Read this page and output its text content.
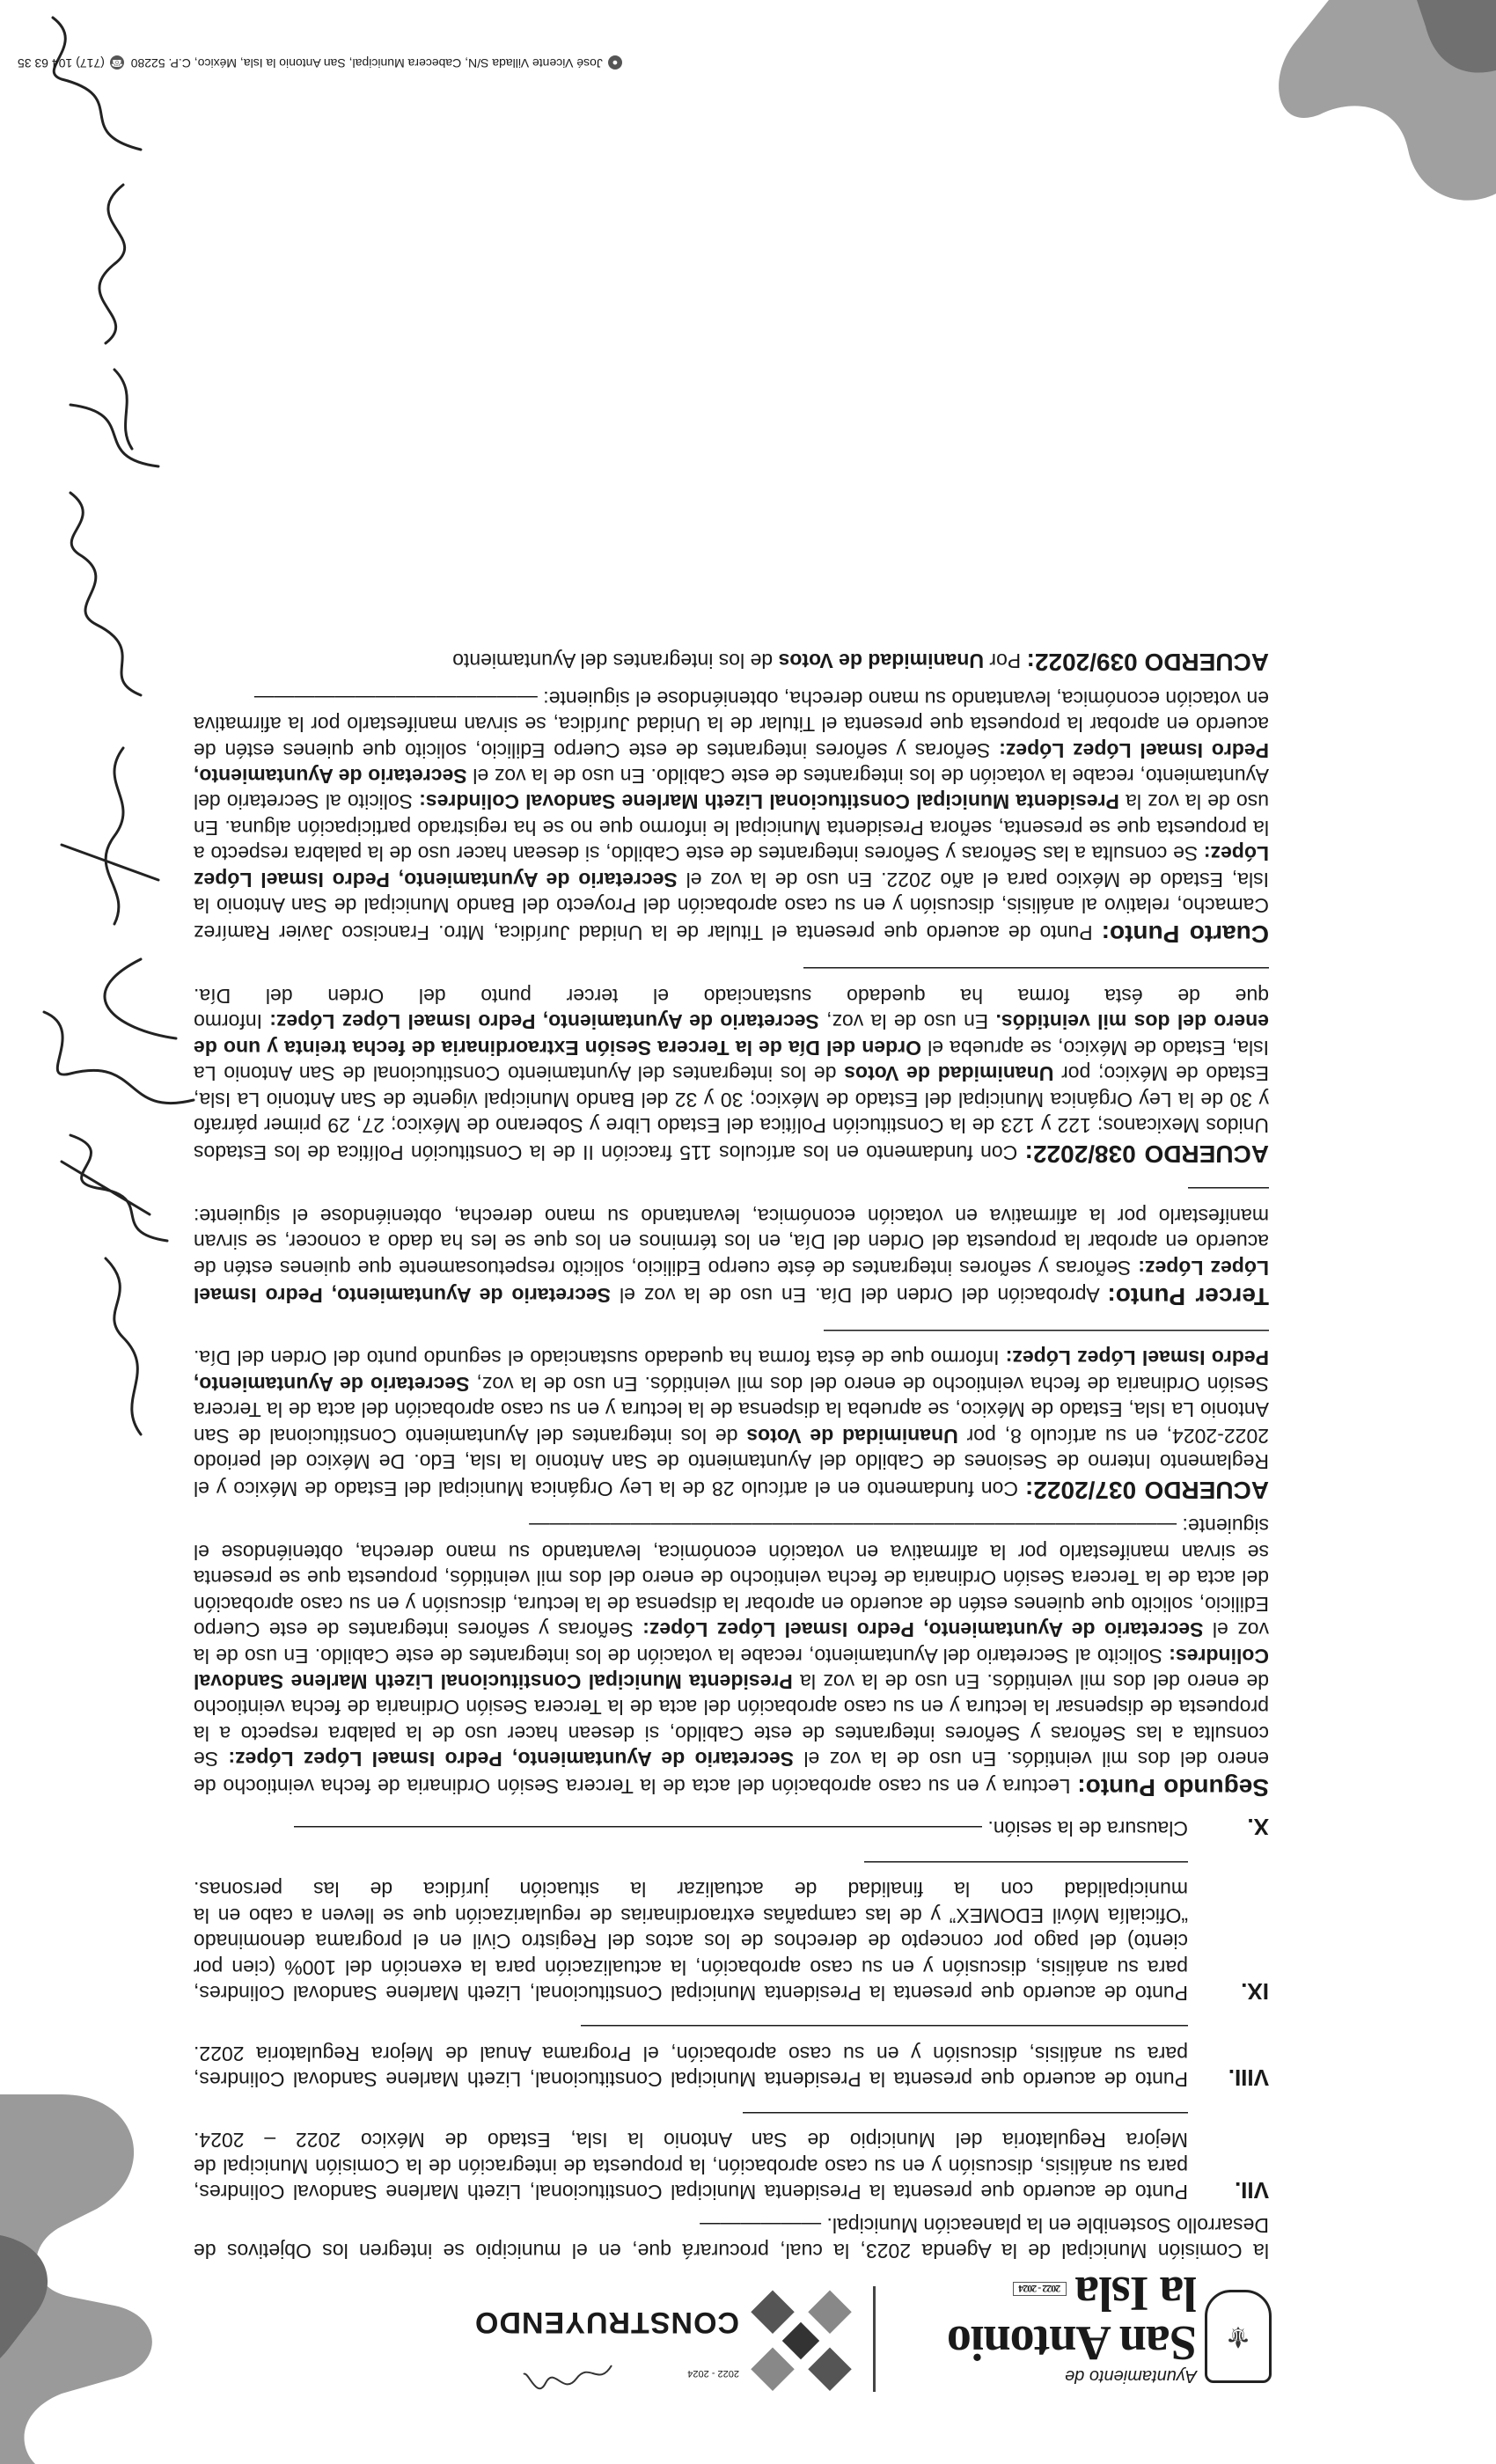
⚜
Ayuntamiento de
San Antonio
la Isla2022 - 2024
CONSTRUYENDO
2022 - 2024

la Comisión Municipal de la Agenda 2023, la cual, procurará que, en el municipio se integren los Objetivos de Desarrollo Sostenible en la planeación Municipal. ——————

VII.
Punto de acuerdo que presenta la Presidenta Municipal Constitucional, Lizeth Marlene Sandoval Colindres, para su análisis, discusión y en su caso aprobación, la propuesta de integración de la Comisión Municipal de Mejora Regulatoria del Municipio de San Antonio la Isla, Estado de México 2022 – 2024. ——————————————————————
VIII.
Punto de acuerdo que presenta la Presidenta Municipal Constitucional, Lizeth Marlene Sandoval Colindres, para su análisis, discusión y en su caso aprobación, el Programa Anual de Mejora Regulatoria 2022. ——————————————————————————————
IX.
Punto de acuerdo que presenta la Presidenta Municipal Constitucional, Lizeth Marlene Sandoval Colindres, para su análisis, discusión y en su caso aprobación, la actualización para la exención del 100% (cien por ciento) del pago por concepto de derechos de los actos del Registro Civil en el programa denominado “Oficialía Móvil EDOMEX” y de las campañas extraordinarias de regularización que se lleven a cabo en la municipalidad con la finalidad de actualizar la situación jurídica de las personas. ————————————————
X.
Clausura de la sesión. ——————————————————————————————————

Segundo Punto: Lectura y en su caso aprobación del acta de la Tercera Sesión Ordinaria de fecha veintiocho de enero del dos mil veintidós. En uso de la voz el Secretario de Ayuntamiento, Pedro Ismael López López: Se consulta a las Señoras y Señores integrantes de este Cabildo, si desean hacer uso de la palabra respecto a la propuesta de dispensar la lectura y en su caso aprobación del acta de la Tercera Sesión Ordinaria de fecha veintiocho de enero del dos mil veintidós. En uso de la voz la Presidenta Municipal Constitucional Lizeth Marlene Sandoval Colindres: Solicito al Secretario del Ayuntamiento, recabe la votación de los integrantes de este Cabildo. En uso de la voz el Secretario de Ayuntamiento, Pedro Ismael López López: Señoras y señores integrantes de este Cuerpo Edilicio, solicito que quienes estén de acuerdo en aprobar la dispensa de la lectura, discusión y en su caso aprobación del acta de la Tercera Sesión Ordinaria de fecha veintiocho de enero del dos mil veintidós, propuesta que se presenta se sirvan manifestarlo por la afirmativa en votación económica, levantando su mano derecha, obteniéndose el siguiente: ————————————————————————————————

ACUERDO 037/2022: Con fundamento en el artículo 28 de la Ley Orgánica Municipal del Estado de México y el Reglamento Interno de Sesiones de Cabildo del Ayuntamiento de San Antonio la Isla, Edo. De México del periodo 2022-2024, en su artículo 8, por Unanimidad de Votos de los integrantes del Ayuntamiento Constitucional de San Antonio La Isla, Estado de México, se aprueba la dispensa de la lectura y en su caso aprobación del acta de la Tercera Sesión Ordinaria de fecha veintiocho de enero del dos mil veintidós. En uso de la voz, Secretario de Ayuntamiento, Pedro Ismael López López: Informo que de ésta forma ha quedado sustanciado el segundo punto del Orden del Día. ——————————————————————

Tercer Punto: Aprobación del Orden del Día. En uso de la voz el Secretario de Ayuntamiento, Pedro Ismael López López: Señoras y señores integrantes de éste cuerpo Edilicio, solicito respetuosamente que quienes estén de acuerdo en aprobar la propuesta del Orden del Día, en los términos en los que se les ha dado a conocer, se sirvan manifestarlo por la afirmativa en votación económica, levantando su mano derecha, obteniéndose el siguiente: ————

ACUERDO 038/2022: Con fundamento en los artículos 115 fracción II de la Constitución Política de los Estados Unidos Mexicanos; 122 y 123 de la Constitución Política del Estado Libre y Soberano de México; 27, 29 primer párrafo y 30 de la Ley Orgánica Municipal del Estado de México; 30 y 32 del Bando Municipal vigente de San Antonio La Isla, Estado de México; por Unanimidad de Votos de los integrantes del Ayuntamiento Constitucional de San Antonio La Isla, Estado de México, se aprueba el Orden del Día de la Tercera Sesión Extraordinaria de fecha treinta y uno de enero del dos mil veintidós. En uso de la voz, Secretario de Ayuntamiento, Pedro Ismael López López: Informo que de ésta forma ha quedado sustanciado el tercer punto del Orden del Día. ———————————————————————

Cuarto Punto: Punto de acuerdo que presenta el Titular de la Unidad Jurídica, Mtro. Francisco Javier Ramírez Camacho, relativo al análisis, discusión y en su caso aprobación del Proyecto del Bando Municipal de San Antonio la Isla, Estado de México para el año 2022. En uso de la voz el Secretario de Ayuntamiento, Pedro Ismael López López: Se consulta a las Señoras y Señores integrantes de este Cabildo, si desean hacer uso de la palabra respecto a la propuesta que se presenta, señora Presidenta Municipal le informo que no se ha registrado participación alguna. En uso de la voz la Presidenta Municipal Constitucional Lizeth Marlene Sandoval Colindres: Solicito al Secretario del Ayuntamiento, recabe la votación de los integrantes de este Cabildo. En uso de la voz el Secretario de Ayuntamiento, Pedro Ismael López López: Señoras y señores integrantes de este Cuerpo Edilicio, solicito que quienes estén de acuerdo en aprobar la propuesta que presenta el Titular de la Unidad Jurídica, se sirvan manifestarlo por la afirmativa en votación económica, levantando su mano derecha, obteniéndose el siguiente: ——————————————

ACUERDO 039/2022: Por Unanimidad de Votos de los integrantes del Ayuntamiento

●José Vicente Villada S/N, Cabecera Municipal, San Antonio la Isla, México, C.P. 52280  ☎(717) 104 63 35
